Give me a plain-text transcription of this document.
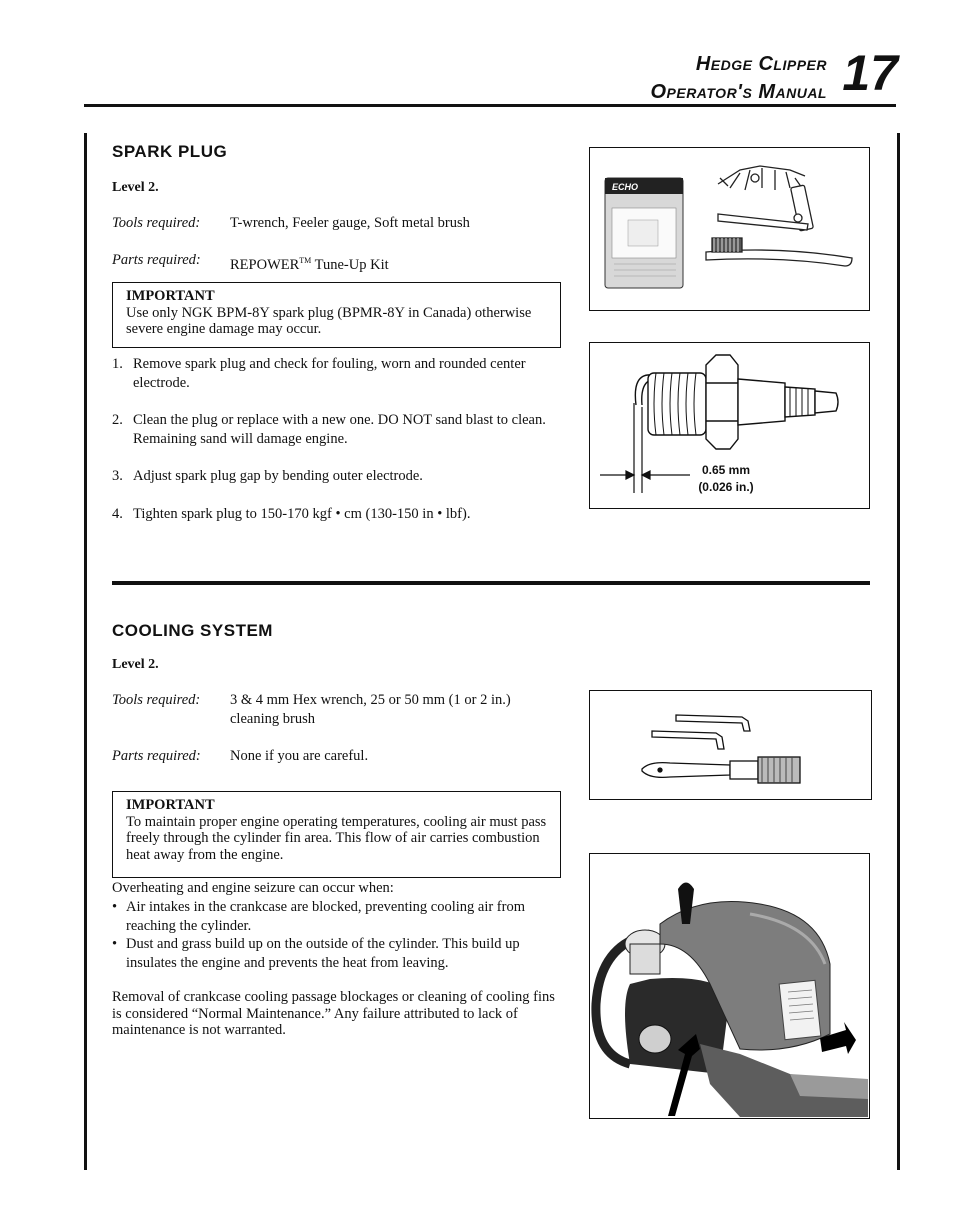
Hedge Clipper
Operator's Manual 17
SPARK PLUG
Level 2.
Tools required: T-wrench, Feeler gauge, Soft metal brush
Parts required: REPOWER™ Tune-Up Kit
IMPORTANT
Use only NGK BPM-8Y spark plug (BPMR-8Y in Canada) otherwise severe engine damage may occur.
1. Remove spark plug and check for fouling, worn and rounded center electrode.
2. Clean the plug or replace with a new one. DO NOT sand blast to clean. Remaining sand will damage engine.
3. Adjust spark plug gap by bending outer electrode.
4. Tighten spark plug to 150-170 kgf • cm (130-150 in • lbf).
ECHO
0.65 mm
(0.026 in.)
COOLING SYSTEM
Level 2.
Tools required: 3 & 4 mm Hex wrench, 25 or 50 mm (1 or 2 in.) cleaning brush
Parts required: None if you are careful.
IMPORTANT
To maintain proper engine operating temperatures, cooling air must pass freely through the cylinder fin area. This flow of air carries combustion heat away from the engine.
Overheating and engine seizure can occur when:
• Air intakes in the crankcase are blocked, preventing cooling air from reaching the cylinder.
• Dust and grass build up on the outside of the cylinder. This build up insulates the engine and prevents the heat from leaving.
Removal of crankcase cooling passage blockages or cleaning of cooling fins is considered “Normal Maintenance.” Any failure attributed to lack of maintenance is not warranted.
